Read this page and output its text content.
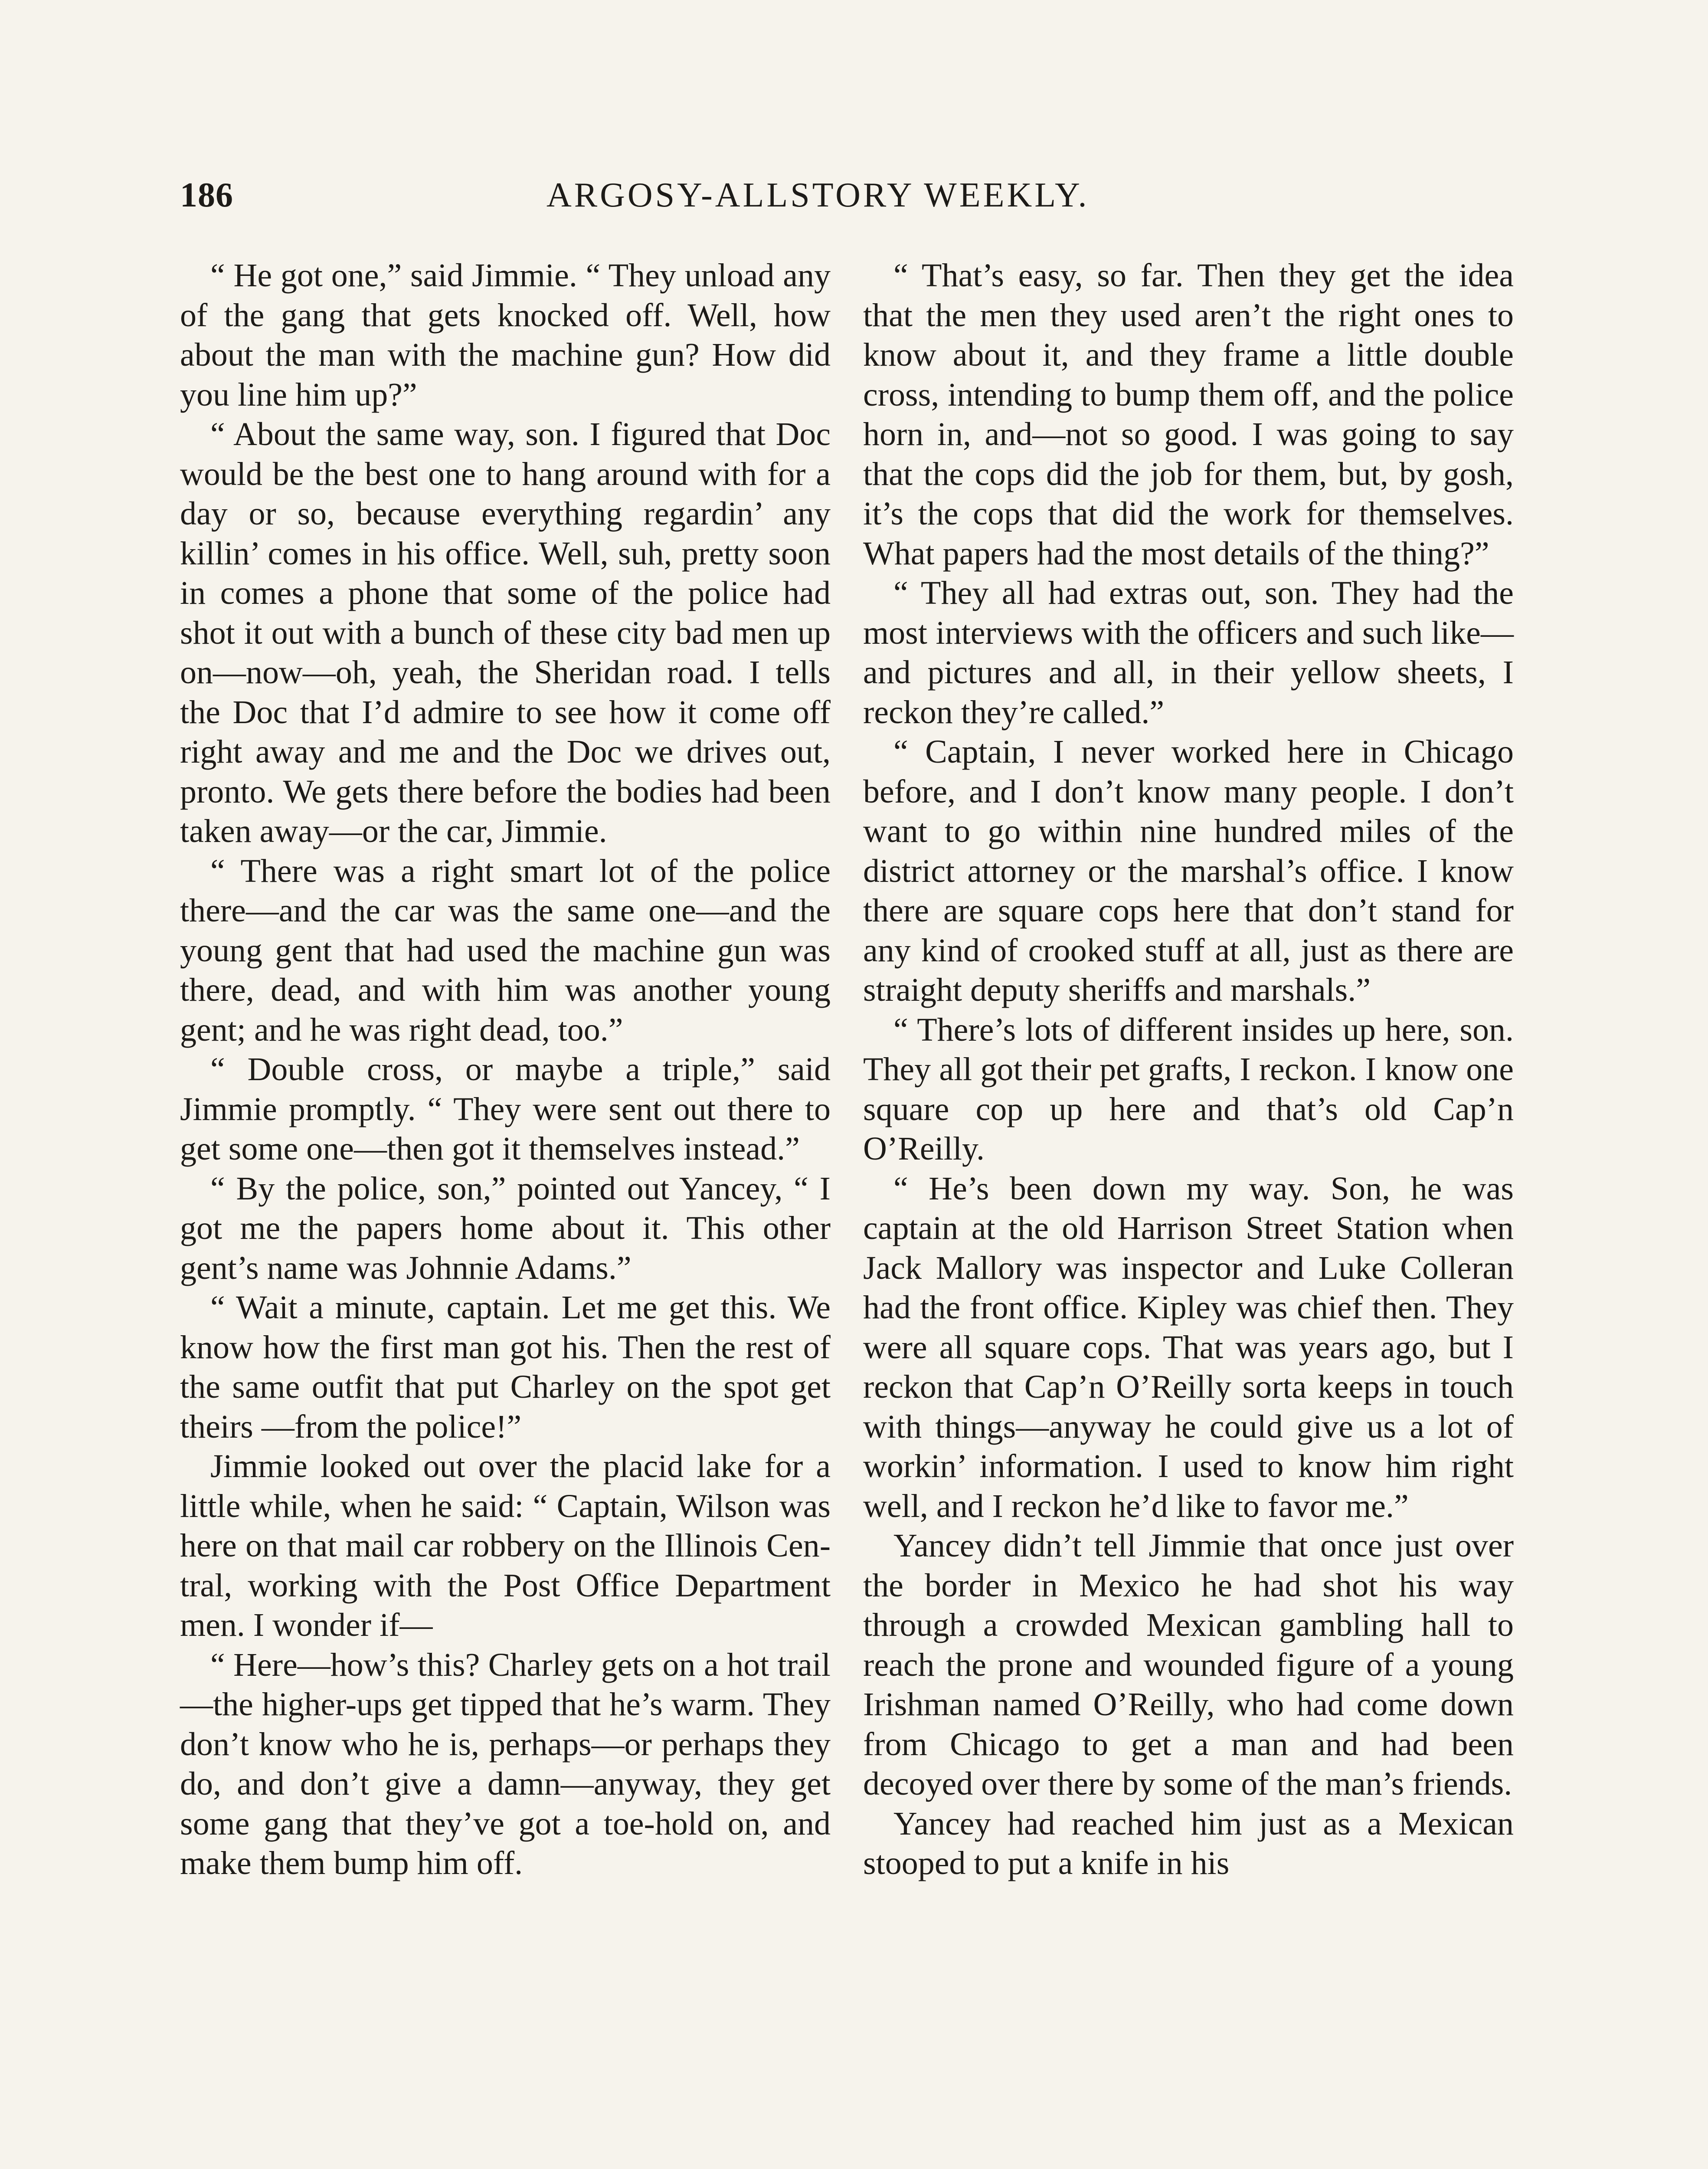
186	ARGOSY-ALLSTORY WEEKLY.

“ He got one,” said Jimmie. “ They unload any of the gang that gets knocked off. Well, how about the man with the machine gun? How did you line him up?”

“ About the same way, son. I figured that Doc would be the best one to hang around with for a day or so, because everything regardin’ any killin’ comes in his office. Well, suh, pretty soon in comes a phone that some of the police had shot it out with a bunch of these city bad men up on—now—oh, yeah, the Sheridan road. I tells the Doc that I’d admire to see how it come off right away and me and the Doc we drives out, pronto. We gets there before the bodies had been taken away—or the car, Jimmie.

“ There was a right smart lot of the police there—and the car was the same one—and the young gent that had used the machine gun was there, dead, and with him was another young gent; and he was right dead, too.”

“ Double cross, or maybe a triple,” said Jimmie promptly. “ They were sent out there to get some one—then got it themselves instead.”

“ By the police, son,” pointed out Yancey, “ I got me the papers home about it. This other gent’s name was Johnnie Adams.”

“ Wait a minute, captain. Let me get this. We know how the first man got his. Then the rest of the same outfit that put Charley on the spot get theirs —from the police!”

Jimmie looked out over the placid lake for a little while, when he said: “ Captain, Wilson was here on that mail car robbery on the Illinois Central, working with the Post Office Department men. I wonder if—

“ Here—how’s this? Charley gets on a hot trail—the higher-ups get tipped that he’s warm. They don’t know who he is, perhaps—or perhaps they do, and don’t give a damn—anyway, they get some gang that they’ve got a toe-hold on, and make them bump him off.

“ That’s easy, so far. Then they get the idea that the men they used aren’t the right ones to know about it, and they frame a little double cross, intending to bump them off, and the police horn in, and—not so good. I was going to say that the cops did the job for them, but, by gosh, it’s the cops that did the work for themselves. What papers had the most details of the thing?”

“ They all had extras out, son. They had the most interviews with the officers and such like—and pictures and all, in their yellow sheets, I reckon they’re called.”

“ Captain, I never worked here in Chicago before, and I don’t know many people. I don’t want to go within nine hundred miles of the district attorney or the marshal’s office. I know there are square cops here that don’t stand for any kind of crooked stuff at all, just as there are straight deputy sheriffs and marshals.”

“ There’s lots of different insides up here, son. They all got their pet grafts, I reckon. I know one square cop up here and that’s old Cap’n O’Reilly.

“ He’s been down my way. Son, he was captain at the old Harrison Street Station when Jack Mallory was inspector and Luke Colleran had the front office. Kipley was chief then. They were all square cops. That was years ago, but I reckon that Cap’n O’Reilly sorta keeps in touch with things—anyway he could give us a lot of workin’ information. I used to know him right well, and I reckon he’d like to favor me.”

Yancey didn’t tell Jimmie that once just over the border in Mexico he had shot his way through a crowded Mexican gambling hall to reach the prone and wounded figure of a young Irishman named O’Reilly, who had come down from Chicago to get a man and had been decoyed over there by some of the man’s friends.

Yancey had reached him just as a Mexican stooped to put a knife in his
